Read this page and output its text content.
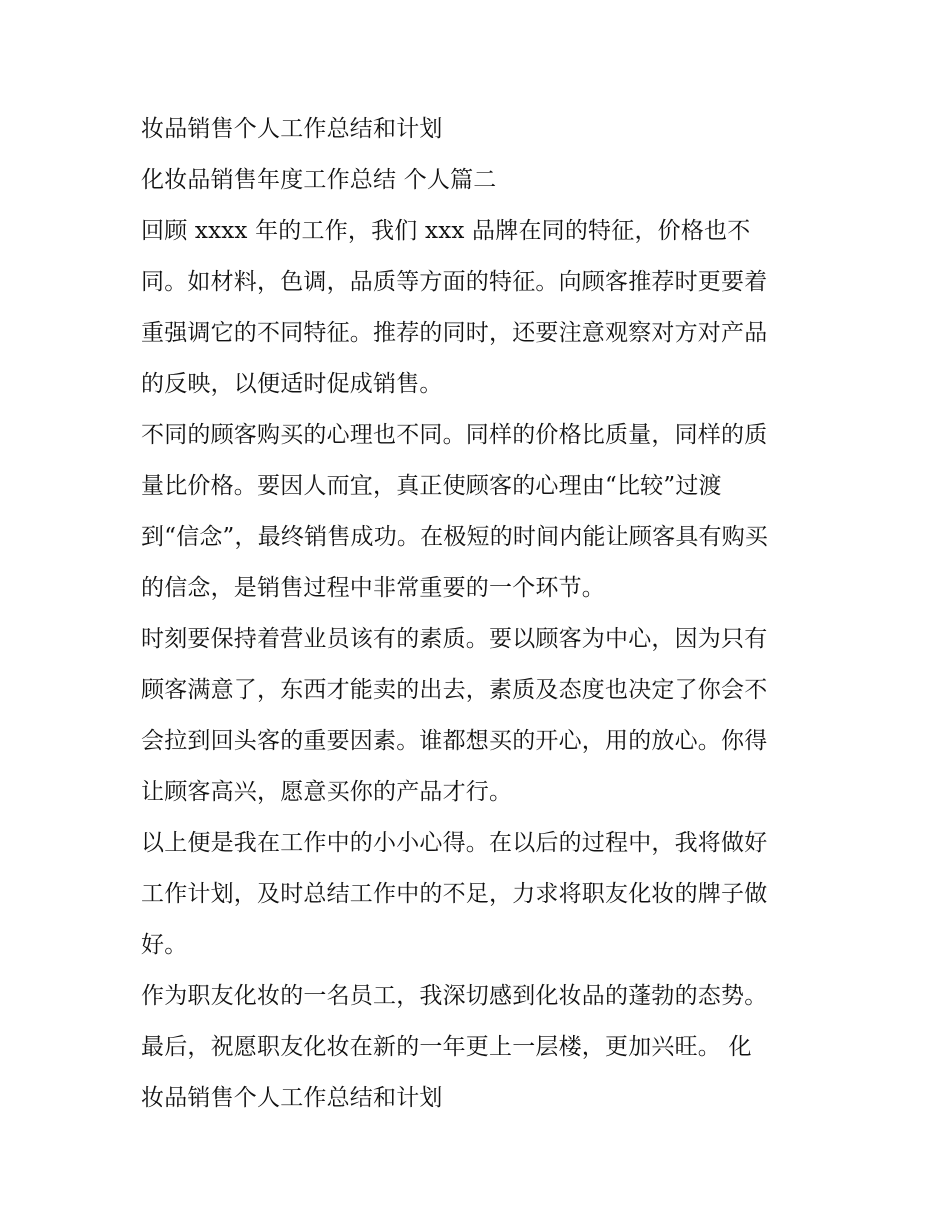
妆品销售个人工作总结和计划
化妆品销售年度工作总结 个人篇二
回顾 xxxx 年的工作，我们 xxx 品牌在同的特征，价格也不
同。如材料，色调，品质等方面的特征。向顾客推荐时更要着
重强调它的不同特征。推荐的同时，还要注意观察对方对产品
的反映，以便适时促成销售。
不同的顾客购买的心理也不同。同样的价格比质量，同样的质
量比价格。要因人而宜，真正使顾客的心理由“比较”过渡
到“信念”，最终销售成功。在极短的时间内能让顾客具有购买
的信念，是销售过程中非常重要的一个环节。
时刻要保持着营业员该有的素质。要以顾客为中心，因为只有
顾客满意了，东西才能卖的出去，素质及态度也决定了你会不
会拉到回头客的重要因素。谁都想买的开心，用的放心。你得
让顾客高兴，愿意买你的产品才行。
以上便是我在工作中的小小心得。在以后的过程中，我将做好
工作计划，及时总结工作中的不足，力求将职友化妆的牌子做
好。
作为职友化妆的一名员工，我深切感到化妆品的蓬勃的态势。
最后，祝愿职友化妆在新的一年更上一层楼，更加兴旺。 化
妆品销售个人工作总结和计划
